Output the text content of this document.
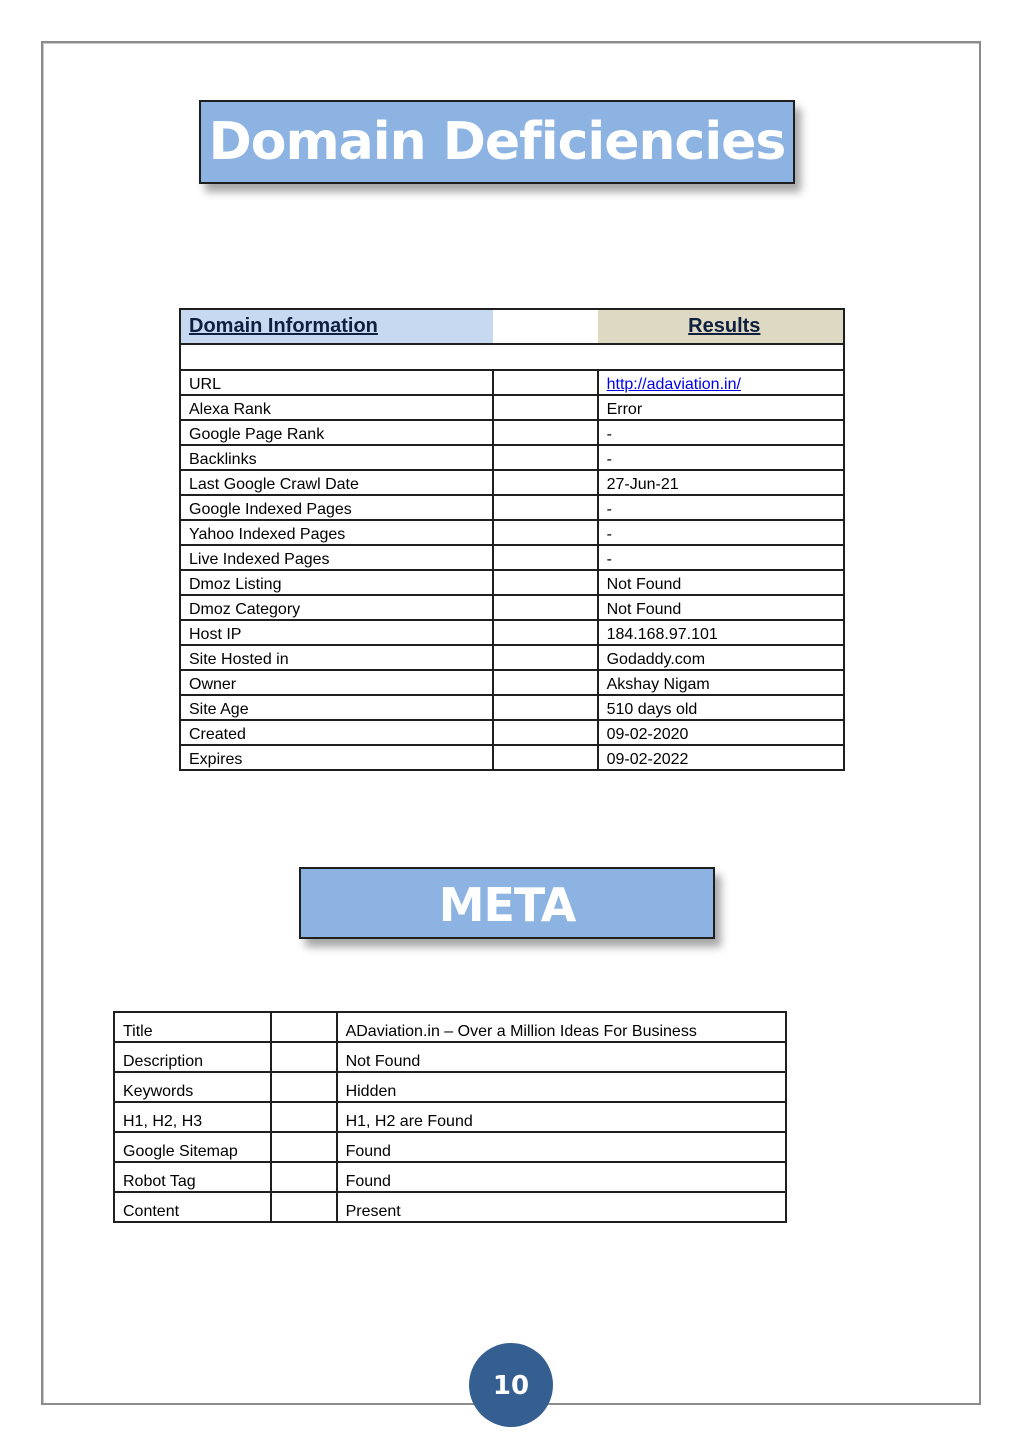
Domain Deficiencies
Domain Information		Results

URL		http://adaviation.in/
Alexa Rank		Error
Google Page Rank		-
Backlinks		-
Last Google Crawl Date		27-Jun-21
Google Indexed Pages		-
Yahoo Indexed Pages		-
Live Indexed Pages		-
Dmoz Listing		Not Found
Dmoz Category		Not Found
Host IP		184.168.97.101
Site Hosted in		Godaddy.com
Owner		Akshay Nigam
Site Age		510 days old
Created		09-02-2020
Expires		09-02-2022
META Information
Title		ADaviation.in – Over a Million Ideas For Business
Description		Not Found
Keywords		Hidden
H1, H2, H3		H1, H2 are Found
Google Sitemap		Found
Robot Tag		Found
Content		Present
10
